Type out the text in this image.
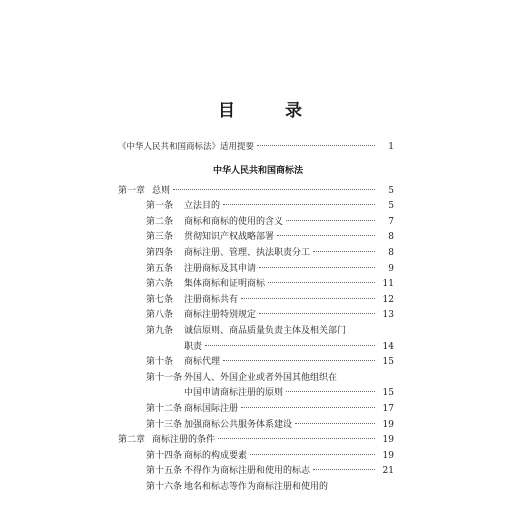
目 录
《中华人民共和国商标法》适用提要	1
中华人民共和国商标法
第一章 总则	5
第一条 立法目的	5
第二条 商标和商标的使用的含义	7
第三条 贯彻知识产权战略部署	8
第四条 商标注册、管理、执法职责分工	8
第五条 注册商标及其申请	9
第六条 集体商标和证明商标	11
第七条 注册商标共有	12
第八条 商标注册特别规定	13
第九条 诚信原则、商品质量负责主体及相关部门
职责	14
第十条 商标代理	15
第十一条 外国人、外国企业或者外国其他组织在
中国申请商标注册的原则	15
第十二条 商标国际注册	17
第十三条 加强商标公共服务体系建设	19
第二章 商标注册的条件	19
第十四条 商标的构成要素	19
第十五条 不得作为商标注册和使用的标志	21
第十六条 地名和标志等作为商标注册和使用的
